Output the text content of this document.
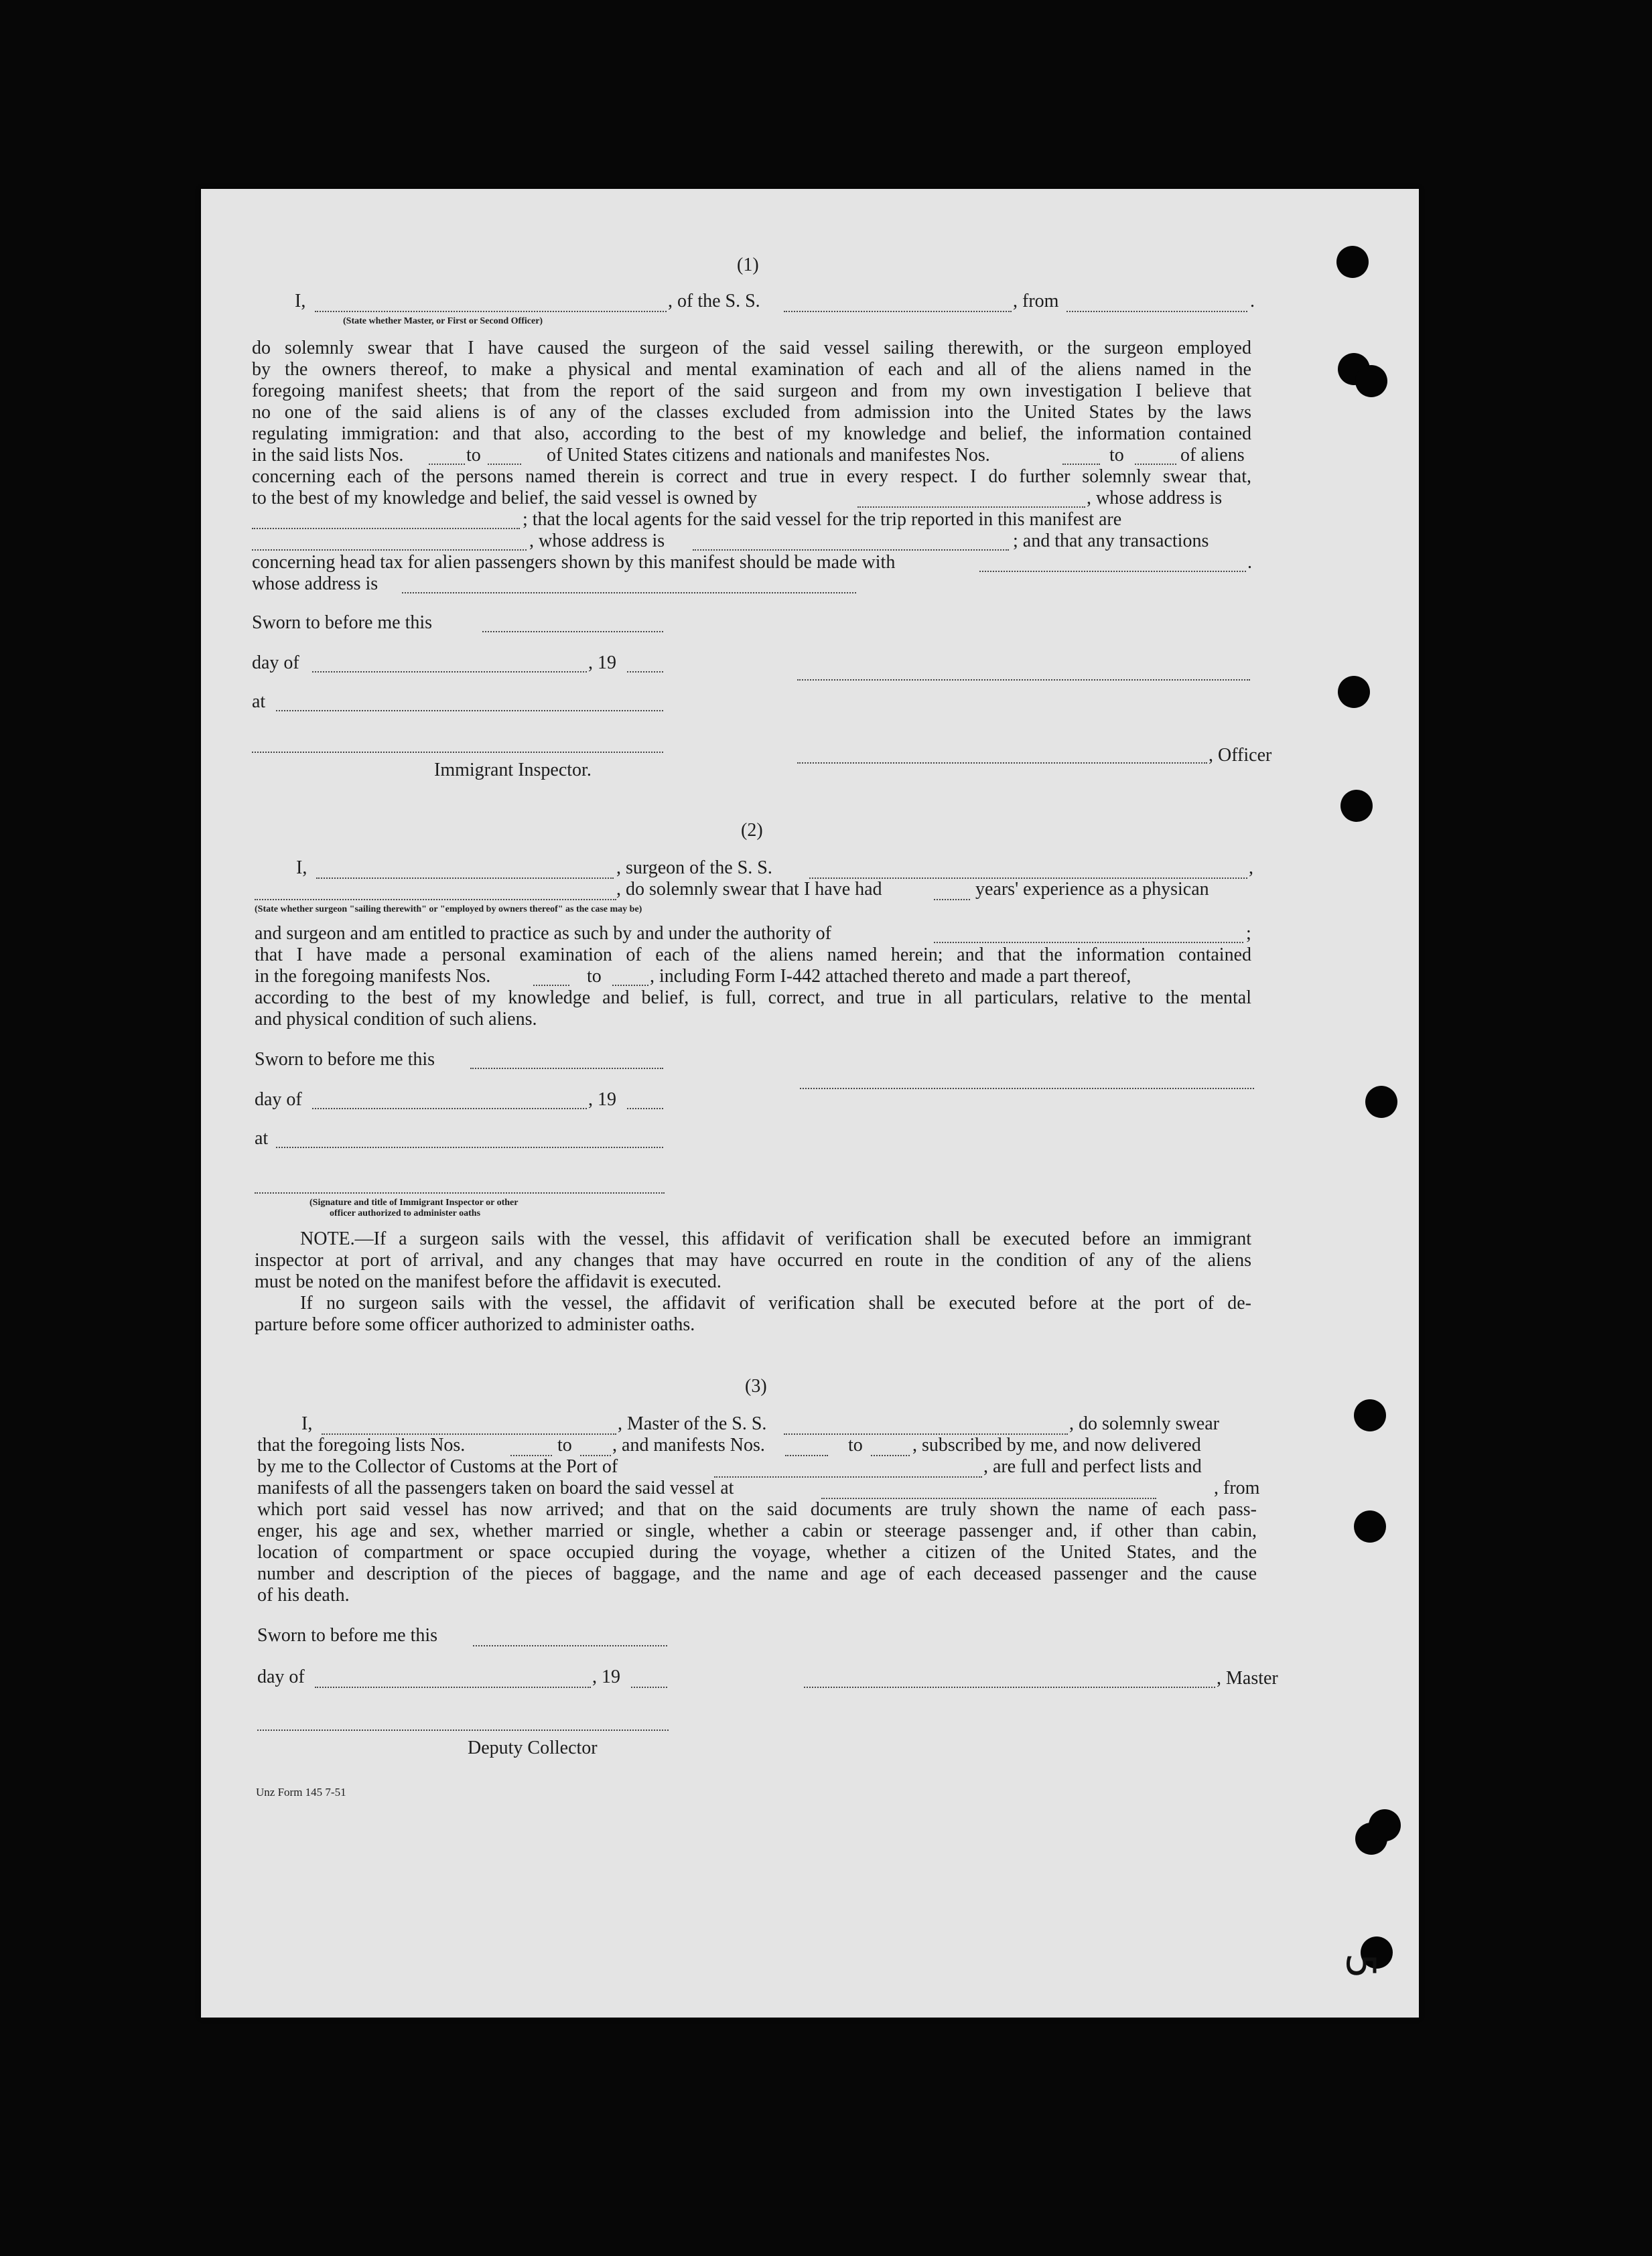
(1)
I,	, of the S. S.	, from	.
(State whether Master, or First or Second Officer)
do solemnly swear that I have caused the surgeon of the said vessel sailing therewith, or the surgeon employed
by the owners thereof, to make a physical and mental examination of each and all of the aliens named in the
foregoing manifest sheets; that from the report of the said surgeon and from my own investigation I believe that
no one of the said aliens is of any of the classes excluded from admission into the United States by the laws
regulating immigration: and that also, according to the best of my knowledge and belief, the information contained
in the said lists Nos.	to	of United States citizens and nationals and manifestes Nos.	to	of aliens
concerning each of the persons named therein is correct and true in every respect. I do further solemnly swear that,
to the best of my knowledge and belief, the said vessel is owned by	, whose address is
; that the local agents for the said vessel for the trip reported in this manifest are
, whose address is	; and that any transactions
concerning head tax for alien passengers shown by this manifest should be made with	.
whose address is
Sworn to before me this
day of	, 19
at
, Officer
Immigrant Inspector.
(2)
I,	, surgeon of the S. S.	,
, do solemnly swear that I have had	years' experience as a physican
(State whether surgeon "sailing therewith" or "employed by owners thereof" as the case may be)
and surgeon and am entitled to practice as such by and under the authority of	;
that I have made a personal examination of each of the aliens named herein; and that the information contained
in the foregoing manifests Nos.	to	, including Form I-442 attached thereto and made a part thereof,
according to the best of my knowledge and belief, is full, correct, and true in all particulars, relative to the mental
and physical condition of such aliens.
Sworn to before me this
day of	, 19
at
(Signature and title of Immigrant Inspector or other
officer authorized to administer oaths
NOTE.—If a surgeon sails with the vessel, this affidavit of verification shall be executed before an immigrant
inspector at port of arrival, and any changes that may have occurred en route in the condition of any of the aliens
must be noted on the manifest before the affidavit is executed.
If no surgeon sails with the vessel, the affidavit of verification shall be executed before at the port of de-
parture before some officer authorized to administer oaths.
(3)
I,	, Master of the S. S.	, do solemnly swear
that the foregoing lists Nos.	to , and manifests Nos.	to	, subscribed by me, and now delivered
by me to the Collector of Customs at the Port of	, are full and perfect lists and
manifests of all the passengers taken on board the said vessel at	, from
which port said vessel has now arrived; and that on the said documents are truly shown the name of each pass-
enger, his age and sex, whether married or single, whether a cabin or steerage passenger and, if other than cabin,
location of compartment or space occupied during the voyage, whether a citizen of the United States, and the
number and description of the pieces of baggage, and the name and age of each deceased passenger and the cause
of his death.
Sworn to before me this
day of	, 19	, Master
Deputy Collector
Unz Form 145 7-51
5
